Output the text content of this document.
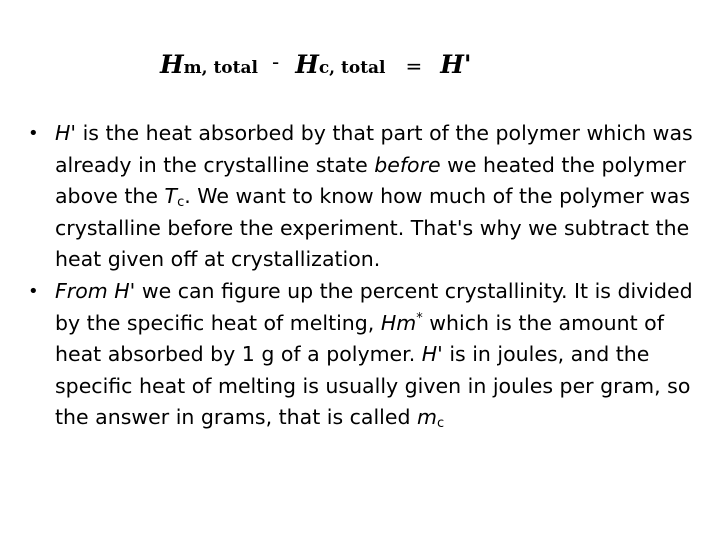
Hm, total - Hc, total = H'
• H' is the heat absorbed by that part of the polymer which was already in the crystalline state before we heated the polymer above the $T_c$. We want to know how much of the polymer was crystalline before the experiment. That's why we subtract the heat given off at crystallization.
• From H' we can figure up the percent crystallinity. It is divided by the specific heat of melting, Hm* which is the amount of heat absorbed by 1 g of a polymer. H' is in joules, and the specific heat of melting is usually given in joules per gram, so the answer in grams, that is called $m_c$
